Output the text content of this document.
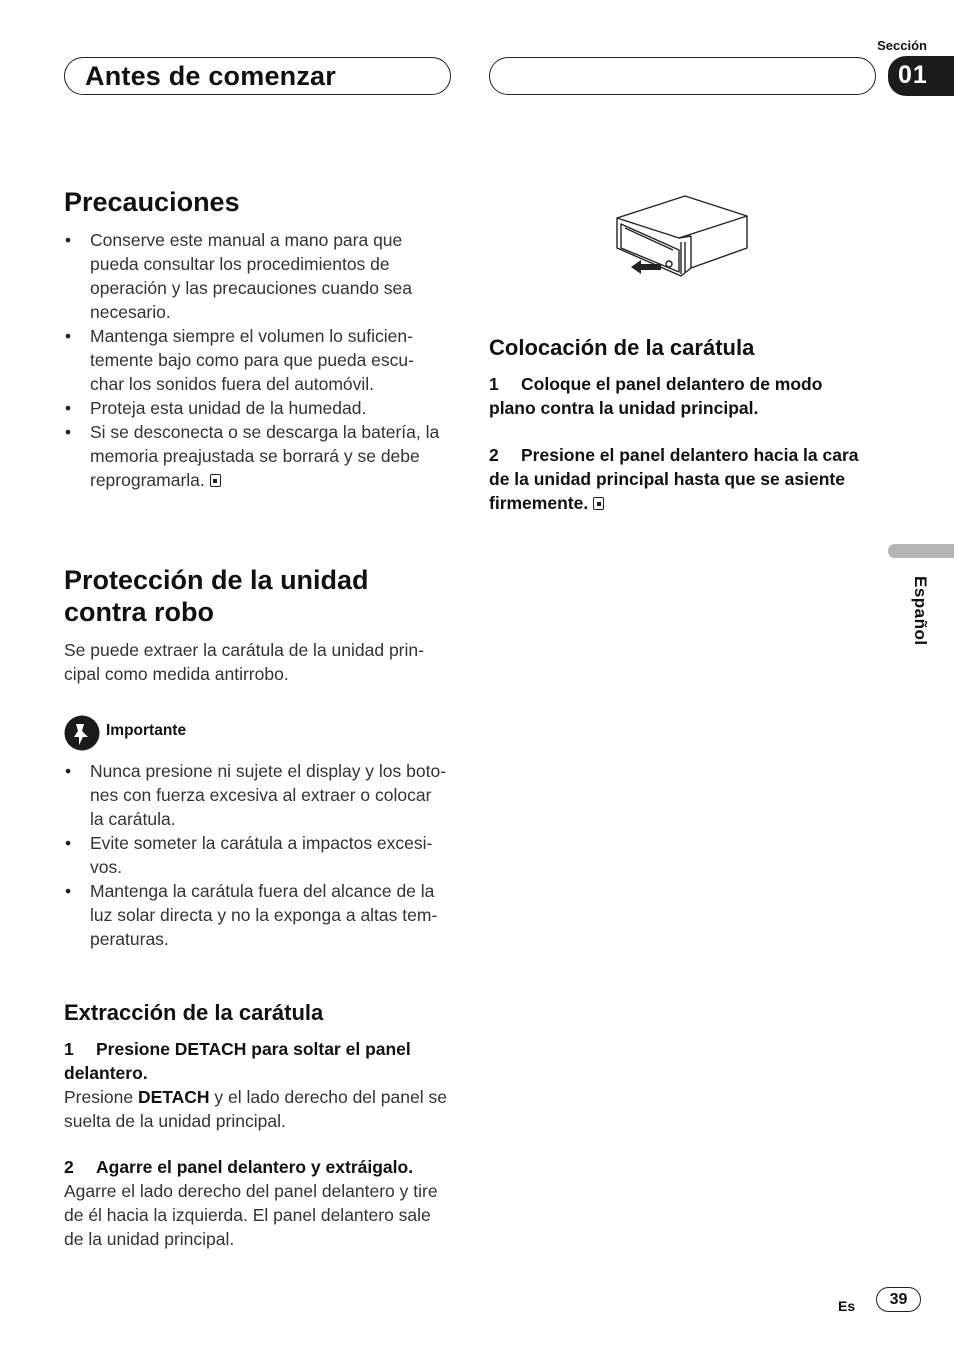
Antes de comenzar
Sección
01
Precauciones
• Conserve este manual a mano para que pueda consultar los procedimientos de operación y las precauciones cuando sea necesario.
• Mantenga siempre el volumen lo suficien- temente bajo como para que pueda escu- char los sonidos fuera del automóvil.
• Proteja esta unidad de la humedad.
• Si se desconecta o se descarga la batería, la memoria preajustada se borrará y se debe reprogramarla.
Protección de la unidad contra robo

Se puede extraer la carátula de la unidad prin- cipal como medida antirrobo.

Importante
• Nunca presione ni sujete el display y los boto- nes con fuerza excesiva al extraer o colocar la carátula.
• Evite someter la carátula a impactos excesi- vos.
• Mantenga la carátula fuera del alcance de la luz solar directa y no la exponga a altas tem- peraturas.
Extracción de la carátula

1 Presione DETACH para soltar el panel delantero.

Presione DETACH y el lado derecho del panel se suelta de la unidad principal.

2 Agarre el panel delantero y extráigalo.

Agarre el lado derecho del panel delantero y tire de él hacia la izquierda. El panel delantero sale de la unidad principal.

Colocación de la carátula

1 Coloque el panel delantero de modo plano contra la unidad principal.

2 Presione el panel delantero hacia la cara de la unidad principal hasta que se asiente firmemente.

Español
Es	39
